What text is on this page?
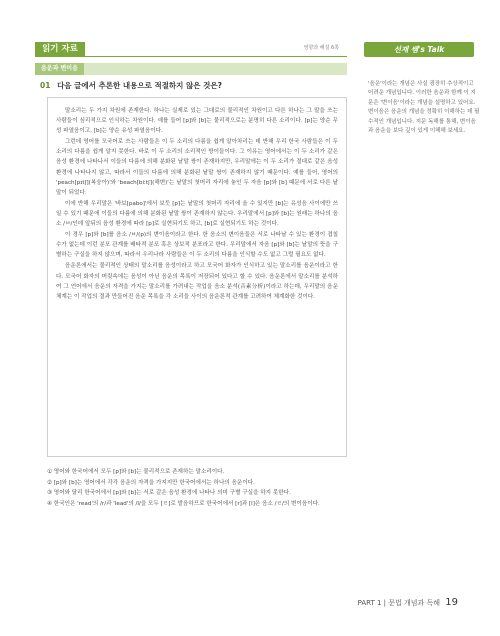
영향과 해설 6쪽
읽기 자료	선재 쌤's Talk
'음운'이라는 개념은 사실 굉장히 추상적이고 어려운 개념입니다. 이러한 음운과 함께 이 지문은 '변이음'이라는 개념을 설명하고 있어요. 변이음은 음운의 개념을 정확히 이해하는 데 필수적인 개념입니다. 지문 독해를 통해, 변이음과 음운을 보다 깊이 있게 이해해 보세요.
음운과 변이음
01 다음 글에서 추론한 내용으로 적절하지 않은 것은?

말소리는 두 가지 차원에 존재한다. 하나는 실제로 있는 그대로의 물리적인 차원이고 다른 하나는 그 말을 쓰는 사람들이 심리적으로 인식하는 차원이다. 예를 들어 [p]와 [b]는 물리적으로는 분명히 다른 소리이다. [p]는 양순 무성 파열음이고, [b]는 양순 유성 파열음이다.

그런데 영어를 모국어로 쓰는 사람들은 이 두 소리의 다름을 쉽게 알아차리는 데 반해 우리 한국 사람들은 이 두 소리의 다름을 쉽게 알지 못한다. 바로 이 두 소리의 소리적인 방이들이다. 그 이유는 영어에서는 이 두 소리가 같은 음성 환경에 나타나서 이들의 다름에 의해 분화된 낱말 쌍이 존재하지만, 우리말에는 이 두 소리가 절대로 같은 음성 환경에 나타나지 않고, 따라서 이들의 다름에 의해 분화된 낱말 쌍이 존재하지 않기 때문이다. 예를 들어, 영어의 'peach[pɪtʃ](복숭아)'와 'beach[biːtʃ](해변)'는 낱말의 첫머리 자리에 놓인 두 자음 [p]와 [b] 때문에 서로 다른 낱말이 되었다.

이에 반해 우리말은 '바보[pabo]'에서 보듯 [p]는 낱말의 첫머리 자리에 올 수 있지만 [b]는 유성음 사이에만 쓰일 수 있기 때문에 이들의 다름에 의해 분화된 낱말 쌍이 존재하지 않는다. 우리말에서 [p]와 [b]는 원래는 하나의 음소 /ㅂ/인데 앞뒤의 음성 환경에 따라 [p]로 실현되기도 하고, [b]로 실현되기도 하는 것이다.

이 경우 [p]와 [b]를 음소 /ㅂ/(p)의 변이음이라고 한다. 한 음소의 변이음들은 서로 나타날 수 있는 환경이 겹칠 수가 없는데 이런 분포 관계를 배타적 분포 혹은 상보적 분포라고 한다. 우리말에서 자음 [p]와 [b]는 낱말의 뜻을 구별하는 구실을 하지 않으며, 따라서 우리나라 사람들은 이 두 소리의 다름을 인식할 수도 없고 그럴 필요도 없다.

음운론에서는 물리적인 상태의 말소리를 음성이라고 하고 모국어 화자가 인식하고 있는 말소리를 음운이라고 한다. 모국어 화자의 머릿속에는 음성이 아닌 음운의 목록이 저장되어 있다고 할 수 있다. 음운론에서 말소리를 분석하여 그 언어에서 음운의 자격을 가지는 말소리를 가려내는 작업을 음소 분석(音素分析)이라고 하는데, 우리말의 음운 체계는 이 작업의 결과 만들어진 음운 목록을 각 소리들 사이의 음운론적 관계를 고려하여 체계화한 것이다.

① 영어와 한국어에서 모두 [p]와 [b]는 물리적으로 존재하는 말소리이다.
② [p]와 [b]는 영어에서 각각 음운의 자격을 가지지만 한국어에서는 하나의 음운이다.
③ 영어와 달리 한국어에서 [p]와 [b]는 서로 같은 음성 환경에 나타나 의미 구별 구실을 하지 못한다.
④ 한국인은 'read'의 /r/과 'lead'의 /l/을 모두 [ㄹ]로 발음하므로 한국어에서 [r]과 [l]은 음소 /ㄹ/의 변이음이다.
PART 1 | 문법 개념과 독해 19
